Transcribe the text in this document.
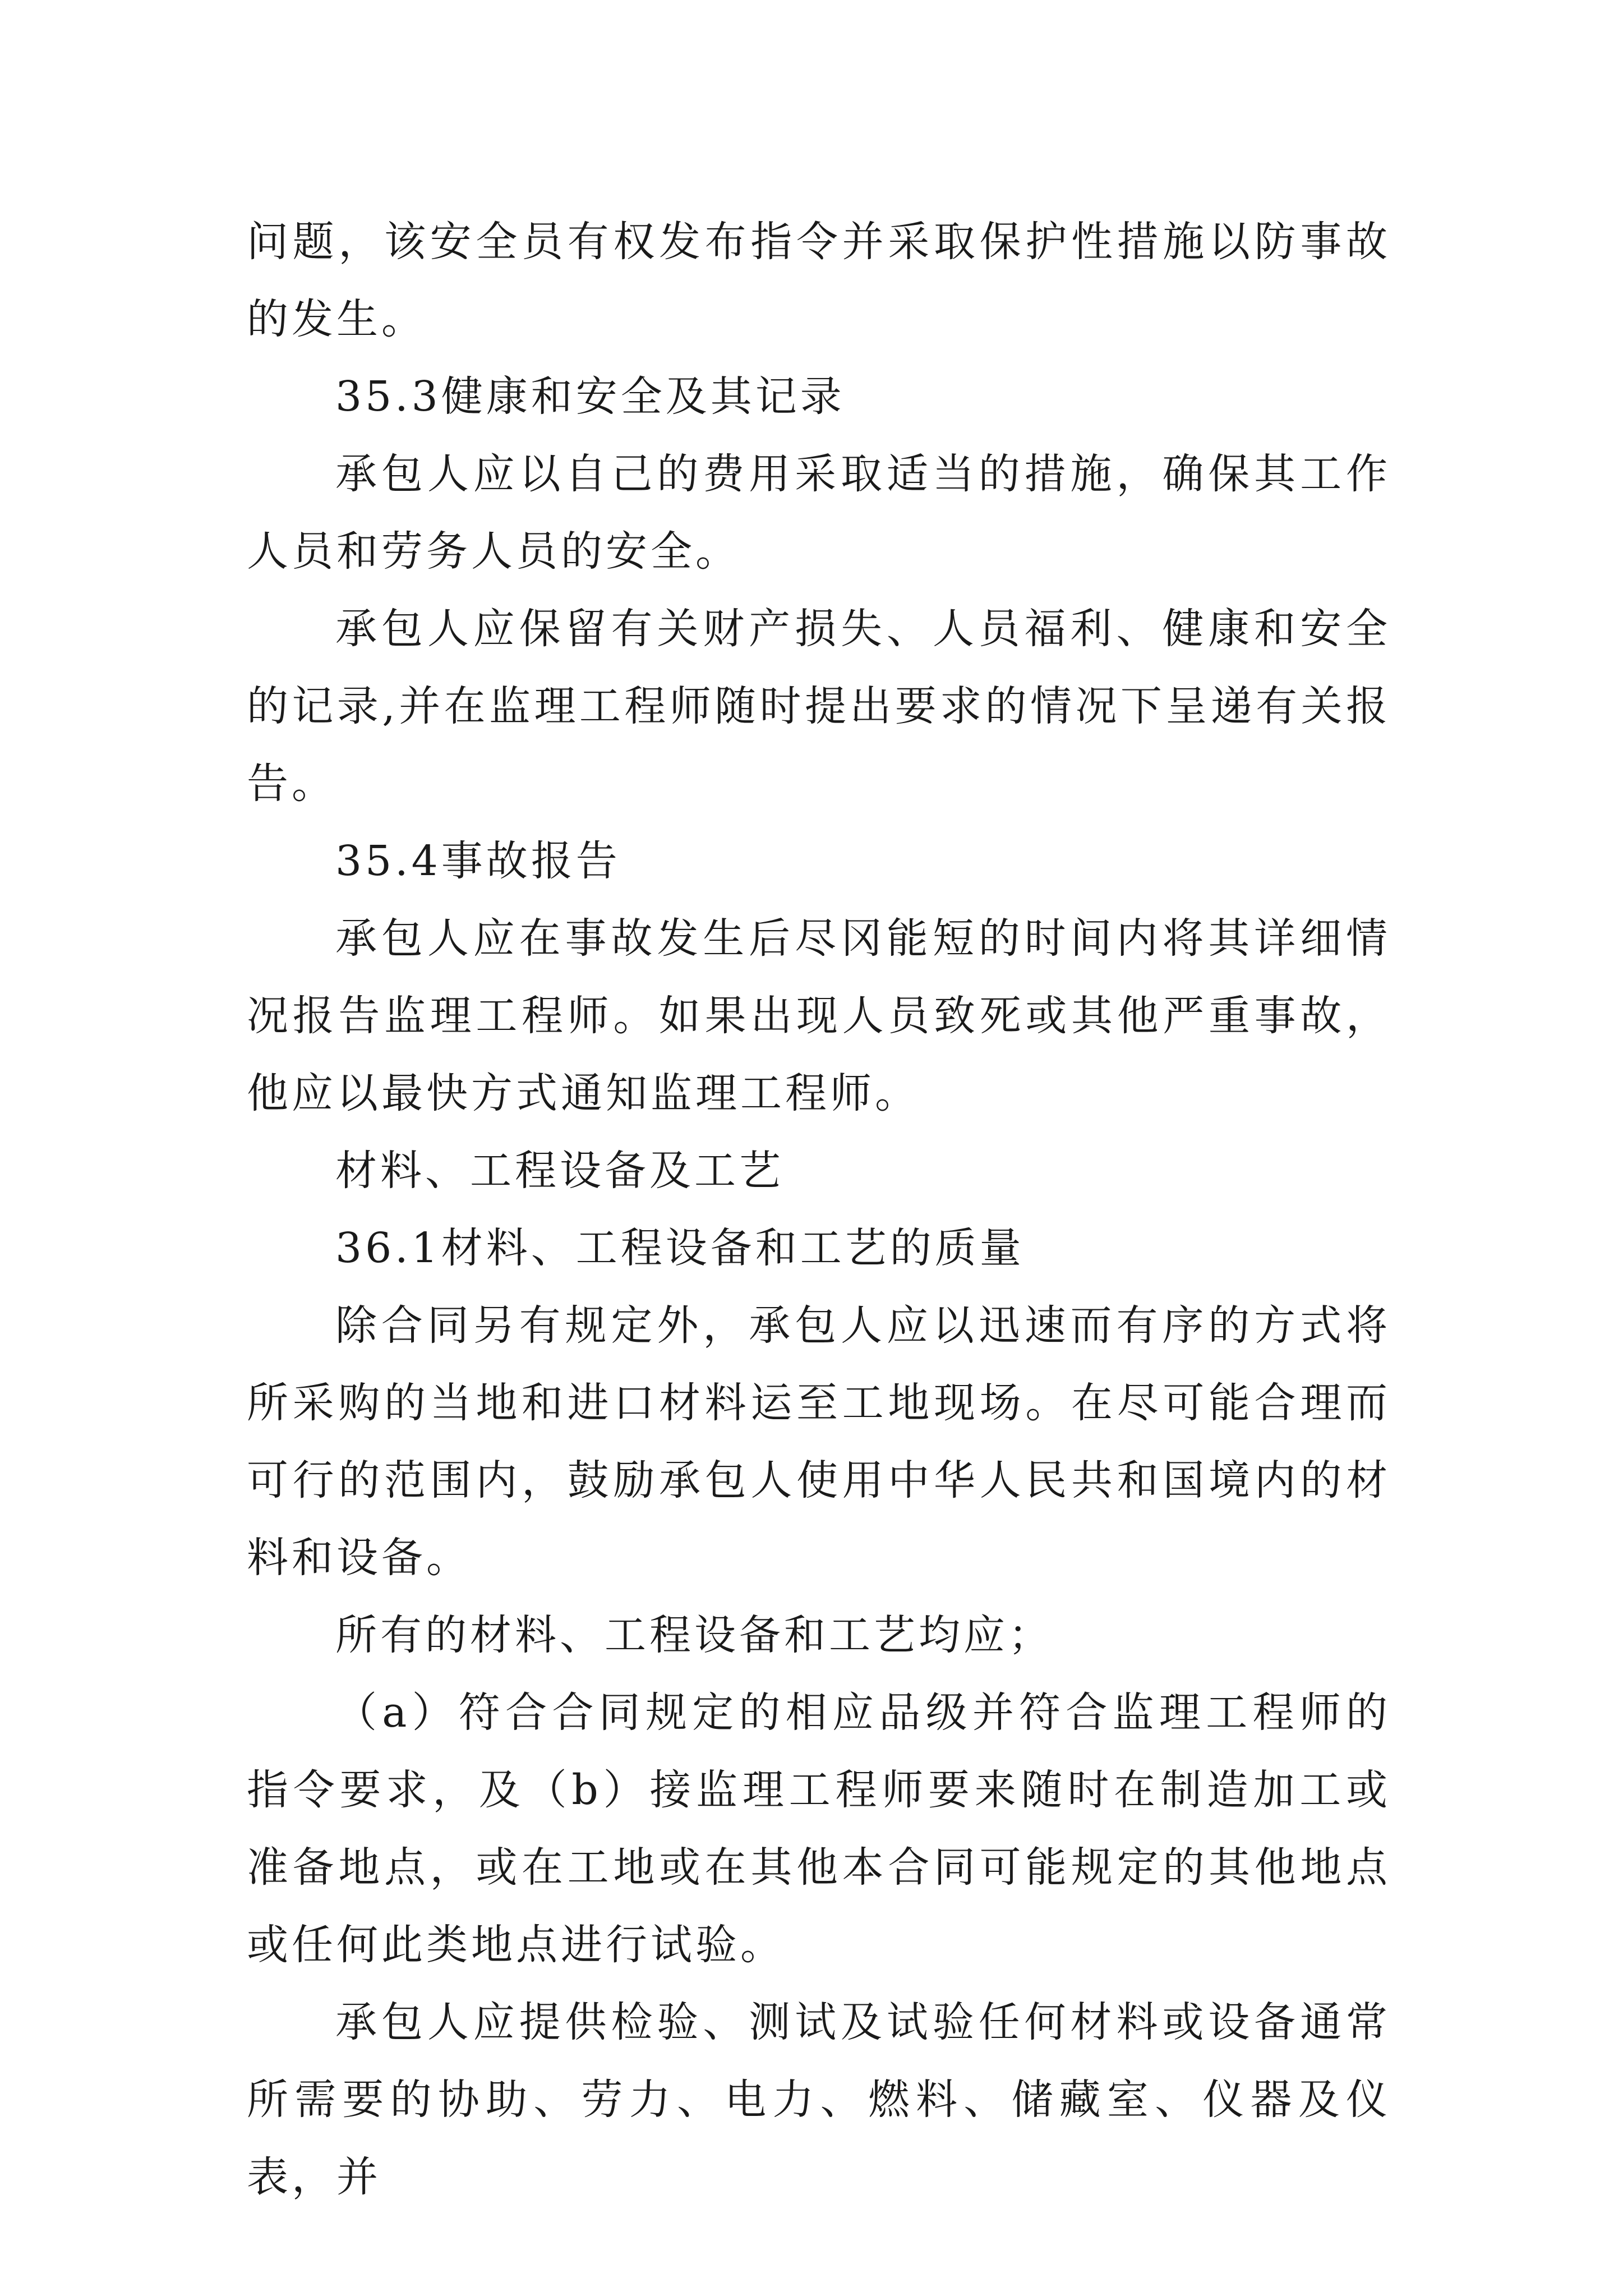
问题，该安全员有权发布指令并采取保护性措施以防事故的发生。

35.3健康和安全及其记录

承包人应以自己的费用采取适当的措施，确保其工作人员和劳务人员的安全。

承包人应保留有关财产损失、人员福利、健康和安全的记录,并在监理工程师随时提出要求的情况下呈递有关报告。

35.4事故报告

承包人应在事故发生后尽冈能短的时间内将其详细情况报告监理工程师。如果出现人员致死或其他严重事故，他应以最快方式通知监理工程师。

材料、工程设备及工艺

36.1材料、工程设备和工艺的质量

除合同另有规定外，承包人应以迅速而有序的方式将所采购的当地和进口材料运至工地现场。在尽可能合理而可行的范围内，鼓励承包人使用中华人民共和国境内的材料和设备。

所有的材料、工程设备和工艺均应；

（a）符合合同规定的相应品级并符合监理工程师的指令要求，及（b）接监理工程师要来随时在制造加工或准备地点，或在工地或在其他本合同可能规定的其他地点或任何此类地点进行试验。

承包人应提供检验、测试及试验任何材料或设备通常所需要的协助、劳力、电力、燃料、储藏室、仪器及仪表，并
